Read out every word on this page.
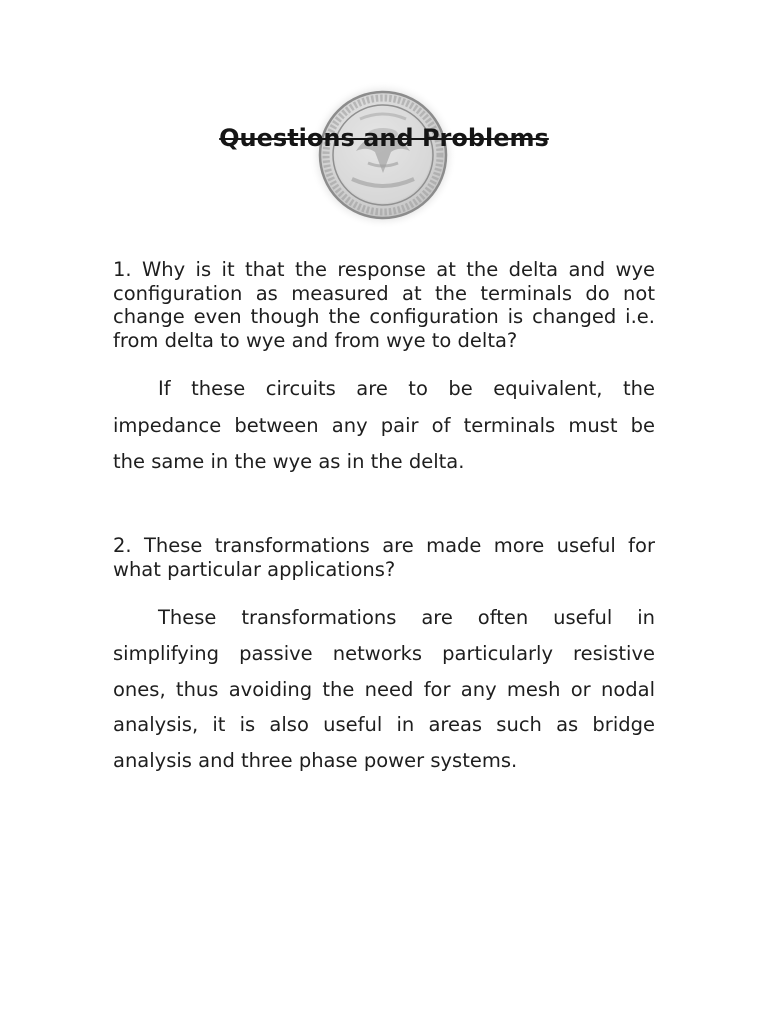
Questions and Problems
1. Why is it that the response at the delta and wye
configuration as measured at the terminals do not
change even though the configuration is changed i.e.
from delta to wye and from wye to delta?
If these circuits are to be equivalent, the
impedance between any pair of terminals must be
the same in the wye as in the delta.
2. These transformations are made more useful for
what particular applications?
These transformations are often useful in
simplifying passive networks particularly resistive
ones, thus avoiding the need for any mesh or nodal
analysis, it is also useful in areas such as bridge
analysis and three phase power systems.
